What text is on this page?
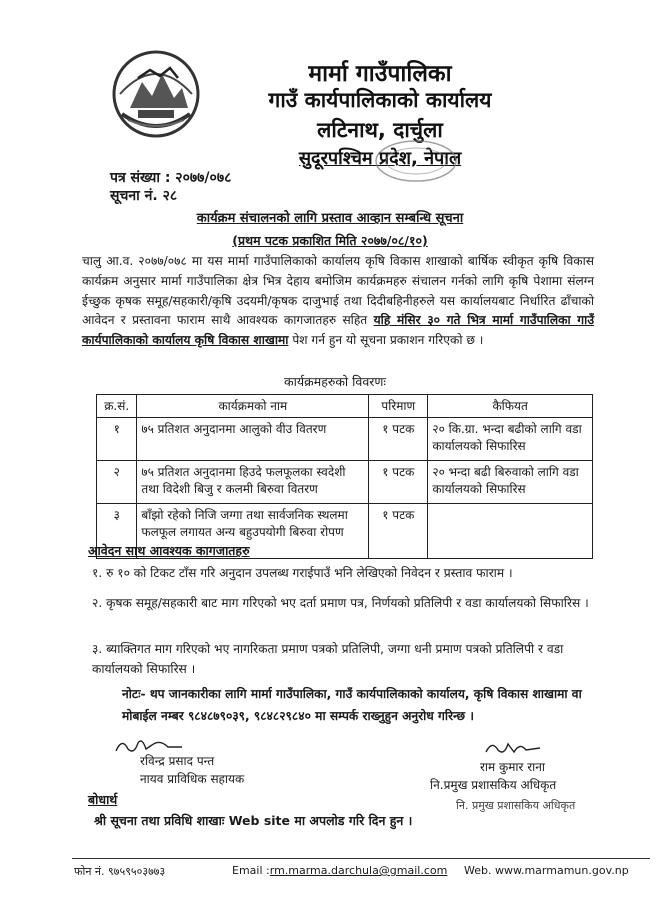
मार्मा गाउँपालिका
गाउँ कार्यपालिकाको कार्यालय
लटिनाथ, दार्चुला
सुदूरपश्चिम प्रदेश, नेपाल
पत्र संख्या : २०७७/०७८
सूचना नं. २८
कार्यक्रम संचालनको लागि प्रस्ताव आव्हान सम्बन्धि सूचना
(प्रथम पटक प्रकाशित मिति २०७७/०८/१०)
चालु आ.व. २०७७/०७८ मा यस मार्मा गाउँपालिकाको कार्यालय कृषि विकास शाखाको बार्षिक स्वीकृत कृषि विकास कार्यक्रम अनुसार मार्मा गाउँपालिका क्षेत्र भित्र देहाय बमोजिम कार्यक्रमहरु संचालन गर्नको लागि कृषि पेशामा संलग्न ईच्छुक कृषक समूह/सहकारी/कृषि उदयमी/कृषक दाजुभाई तथा दिदीबहिनीहरुले यस कार्यालयबाट निर्धारित ढाँचाको आवेदन र प्रस्तावना फाराम साथै आवश्यक कागजातहरु सहित यहि मंसिर ३० गते भित्र मार्मा गाउँपालिका गाउँ कार्यपालिकाको कार्यालय कृषि विकास शाखामा पेश गर्न हुन यो सूचना प्रकाशन गरिएको छ ।
कार्यक्रमहरुको विवरणः
क्र.सं.	कार्यक्रमको नाम	परिमाण	कैफियत
१	७५ प्रतिशत अनुदानमा आलुको वीउ वितरण	१ पटक	२० कि.ग्रा. भन्दा बढीको लागि वडा कार्यालयको सिफारिस
२	७५ प्रतिशत अनुदानमा हिउदे फलफूलका स्वदेशी तथा विदेशी बिजु र कलमी बिरुवा वितरण	१ पटक	२० भन्दा बढी बिरुवाको लागि वडा कार्यालयको सिफारिस
३	बाँझो रहेको निजि जग्गा तथा सार्वजनिक स्थलमा फलफूल लगायत अन्य बहुउपयोगी बिरुवा रोपण	१ पटक	
आवेदन साथ आवश्यक कागजातहरु
१. रु १० को टिकट टाँस गरि अनुदान उपलब्ध गराईपाउँ भनि लेखिएको निवेदन र प्रस्ताव फाराम ।
२. कृषक समूह/सहकारी बाट माग गरिएको भए दर्ता प्रमाण पत्र, निर्णयको प्रतिलिपी र वडा कार्यालयको सिफारिस ।
३. ब्याक्तिगत माग गरिएको भए नागरिकता प्रमाण पत्रको प्रतिलिपी, जग्गा धनी प्रमाण पत्रको प्रतिलिपी र वडा कार्यालयको सिफारिस ।
नोटः- थप जानकारीका लागि मार्मा गाउँपालिका, गाउँ कार्यपालिकाको कार्यालय, कृषि विकास शाखामा वा मोबाईल नम्बर ९८४८७९०३९, ९८४८२९८४० मा सम्पर्क राख्नुहुन अनुरोध गरिन्छ ।
रविन्द्र प्रसाद पन्त
नायव प्राविधिक सहायक
राम कुमार राना
नि.प्रमुख प्रशासकिय अधिकृत
नि. प्रमुख प्रशासकिय अधिकृत
बोधार्थ
श्री सूचना तथा प्रविधि शाखाः Web site मा अपलोड गरि दिन हुन ।
फोन नं. ९७५९५०३७७३	Email :rm.marma.darchula@gmail.com Web. www.marmamun.gov.np
